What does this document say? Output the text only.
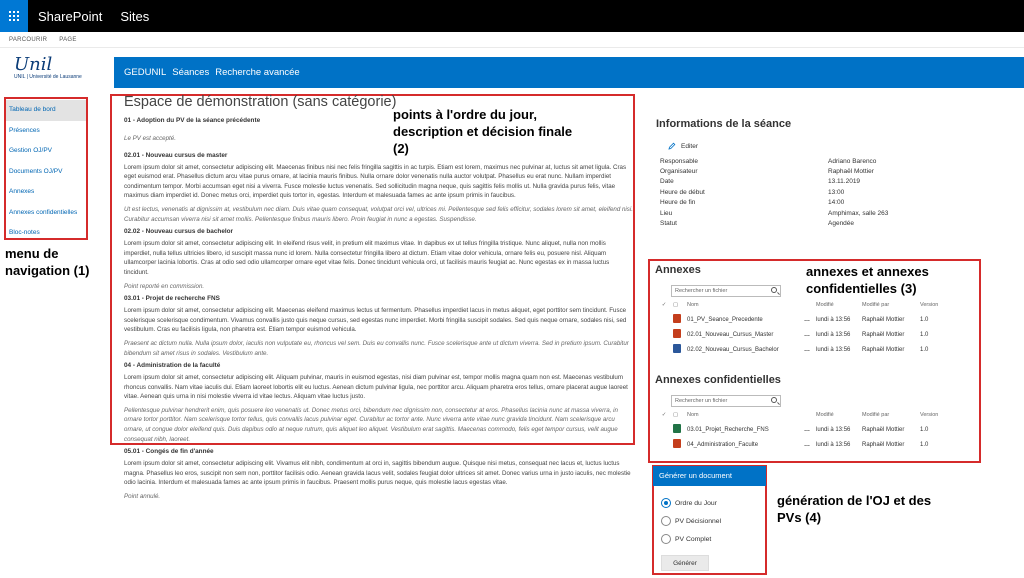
SharePoint Sites
PARCOURIR PAGE
Unil
UNIL | Université de Lausanne	GEDUNIL Séances Recherche avancée
Tableau de bord
Présences
Gestion OJ/PV
Documents OJ/PV
Annexes
Annexes confidentielles
Bloc-notes
menu de navigation (1)
points à l'ordre du jour, description et décision finale (2)
annexes et annexes confidentielles (3)
génération de l'OJ et des PVs (4)
Espace de démonstration (sans catégorie)
01 - Adoption du PV de la séance précédente

Le PV est accepté.

02.01 - Nouveau cursus de master

Lorem ipsum dolor sit amet, consectetur adipiscing elit. Maecenas finibus nisi nec felis fringilla sagittis in ac turpis. Etiam est lorem, maximus nec pulvinar at, luctus sit amet ligula. Cras eget euismod erat. Phasellus dictum arcu vitae purus ornare, at lacinia mauris finibus. Nulla ornare dolor venenatis nulla auctor volutpat. Phasellus eu erat nunc. Nullam imperdiet condimentum tempor. Morbi accumsan eget nisi a viverra. Fusce molestie luctus venenatis. Sed sollicitudin magna neque, quis sagittis felis mollis ut. Nulla gravida purus felis, vitae maximus diam imperdiet id. Donec metus orci, imperdiet quis tortor in, egestas. Interdum et malesuada fames ac ante ipsum primis in faucibus.

Ut est lectus, venenatis at dignissim at, vestibulum nec diam. Duis vitae quam consequat, volutpat orci vel, ultrices mi. Pellentesque sed felis efficitur, sodales lorem sit amet, eleifend nisi. Curabitur accumsan viverra nisi sit amet mollis. Pellentesque finibus mauris libero. Proin feugiat in nunc a egestas. Suspendisse.

02.02 - Nouveau cursus de bachelor

Lorem ipsum dolor sit amet, consectetur adipiscing elit. In eleifend risus velit, in pretium elit maximus vitae. In dapibus ex ut tellus fringilla tristique. Nunc aliquet, nulla non mollis imperdiet, nulla tellus ultricies libero, id suscipit massa nunc id lorem. Nulla consectetur fringilla libero at dictum. Etiam vitae dolor vehicula, ornare felis eu, posuere nisl. Aliquam ullamcorper lacinia lobortis. Cras at odio sed odio ullamcorper ornare eget vitae felis. Donec tincidunt vehicula orci, ut facilisis mauris feugiat ac. Nunc egestas ex in massa luctus tincidunt.

Point reporté en commission.

03.01 - Projet de recherche FNS

Lorem ipsum dolor sit amet, consectetur adipiscing elit. Maecenas eleifend maximus lectus ut fermentum. Phasellus imperdiet lacus in metus aliquet, eget porttitor sem tincidunt. Fusce scelerisque scelerisque condimentum. Vivamus convallis justo quis neque cursus, sed egestas nunc imperdiet. Morbi fringilla suscipit sodales. Sed quis neque ornare, sodales nisi, sed vestibulum. Cras eu facilisis ligula, non pharetra est. Etiam tempor euismod vehicula.

Praesent ac dictum nulla. Nulla ipsum dolor, iaculis non vulputate eu, rhoncus vel sem. Duis eu convallis nunc. Fusce scelerisque ante ut dictum viverra. Sed in pretium ipsum. Curabitur bibendum sit amet risus in sodales. Vestibulum ante.

04 - Administration de la faculté

Lorem ipsum dolor sit amet, consectetur adipiscing elit. Aliquam pulvinar, mauris in euismod egestas, nisi diam pulvinar est, tempor mollis magna quam non est. Maecenas vestibulum rhoncus convallis. Nam vitae iaculis dui. Etiam laoreet lobortis elit eu luctus. Aenean dictum pulvinar ligula, nec porttitor arcu. Aliquam pharetra eros tellus, ornare placerat augue laoreet vitae. Aenean quis urna in nisi molestie viverra id vitae lectus. Aliquam vitae luctus justo.

Pellentesque pulvinar hendrerit enim, quis posuere leo venenatis ut. Donec metus orci, bibendum nec dignissim non, consectetur at eros. Phasellus lacinia nunc at massa viverra, in ornare tortor porttitor. Nam scelerisque tortor tellus, quis convallis lacus pulvinar eget. Curabitur ac tortor ante. Nunc viverra ante vitae nunc gravida tincidunt. Nam scelerisque arcu ornare, ut congue dolor eleifend quis. Duis dapibus odio at neque rutrum, quis aliquet leo aliquet. Vestibulum erat sagittis. Maecenas commodo, felis eget tempor cursus, velit augue consequat nibh, laoreet.

05.01 - Congés de fin d'année

Lorem ipsum dolor sit amet, consectetur adipiscing elit. Vivamus elit nibh, condimentum at orci in, sagittis bibendum augue. Quisque nisi metus, consequat nec lacus et, luctus luctus magna. Phasellus leo eros, suscipit non sem non, porttitor facilisis odio. Aenean gravida lacus velit, sodales feugiat dolor ultrices sit amet. Donec varius urna in justo iaculis, nec molestie odio lacinia. Interdum et malesuada fames ac ante ipsum primis in faucibus. Praesent mollis purus neque, quis molestie lacus egestas vitae.

Point annulé.

Informations de la séance
Editer
Responsable	Adriano Barenco
Organisateur	Raphaël Mottier
Date	13.11.2019
Heure de début	13:00
Heure de fin	14:00
Lieu	Amphimax, salle 263
Statut	Agendée
Annexes
Rechercher un fichier
✓	▢	Nom	Modifié	Modifié par	Version
01_PV_Seance_Precedente	…	lundi à 13:56	Raphaël Mottier	1.0
02.01_Nouveau_Cursus_Master	…	lundi à 13:56	Raphaël Mottier	1.0
02.02_Nouveau_Cursus_Bachelor	…	lundi à 13:56	Raphaël Mottier	1.0
Annexes confidentielles
Rechercher un fichier
✓	▢	Nom	Modifié	Modifié par	Version
03.01_Projet_Recherche_FNS	…	lundi à 13:56	Raphaël Mottier	1.0
04_Administration_Faculte	…	lundi à 13:56	Raphaël Mottier	1.0
Générer un document
Ordre du Jour
PV Décisionnel
PV Complet
Générer
